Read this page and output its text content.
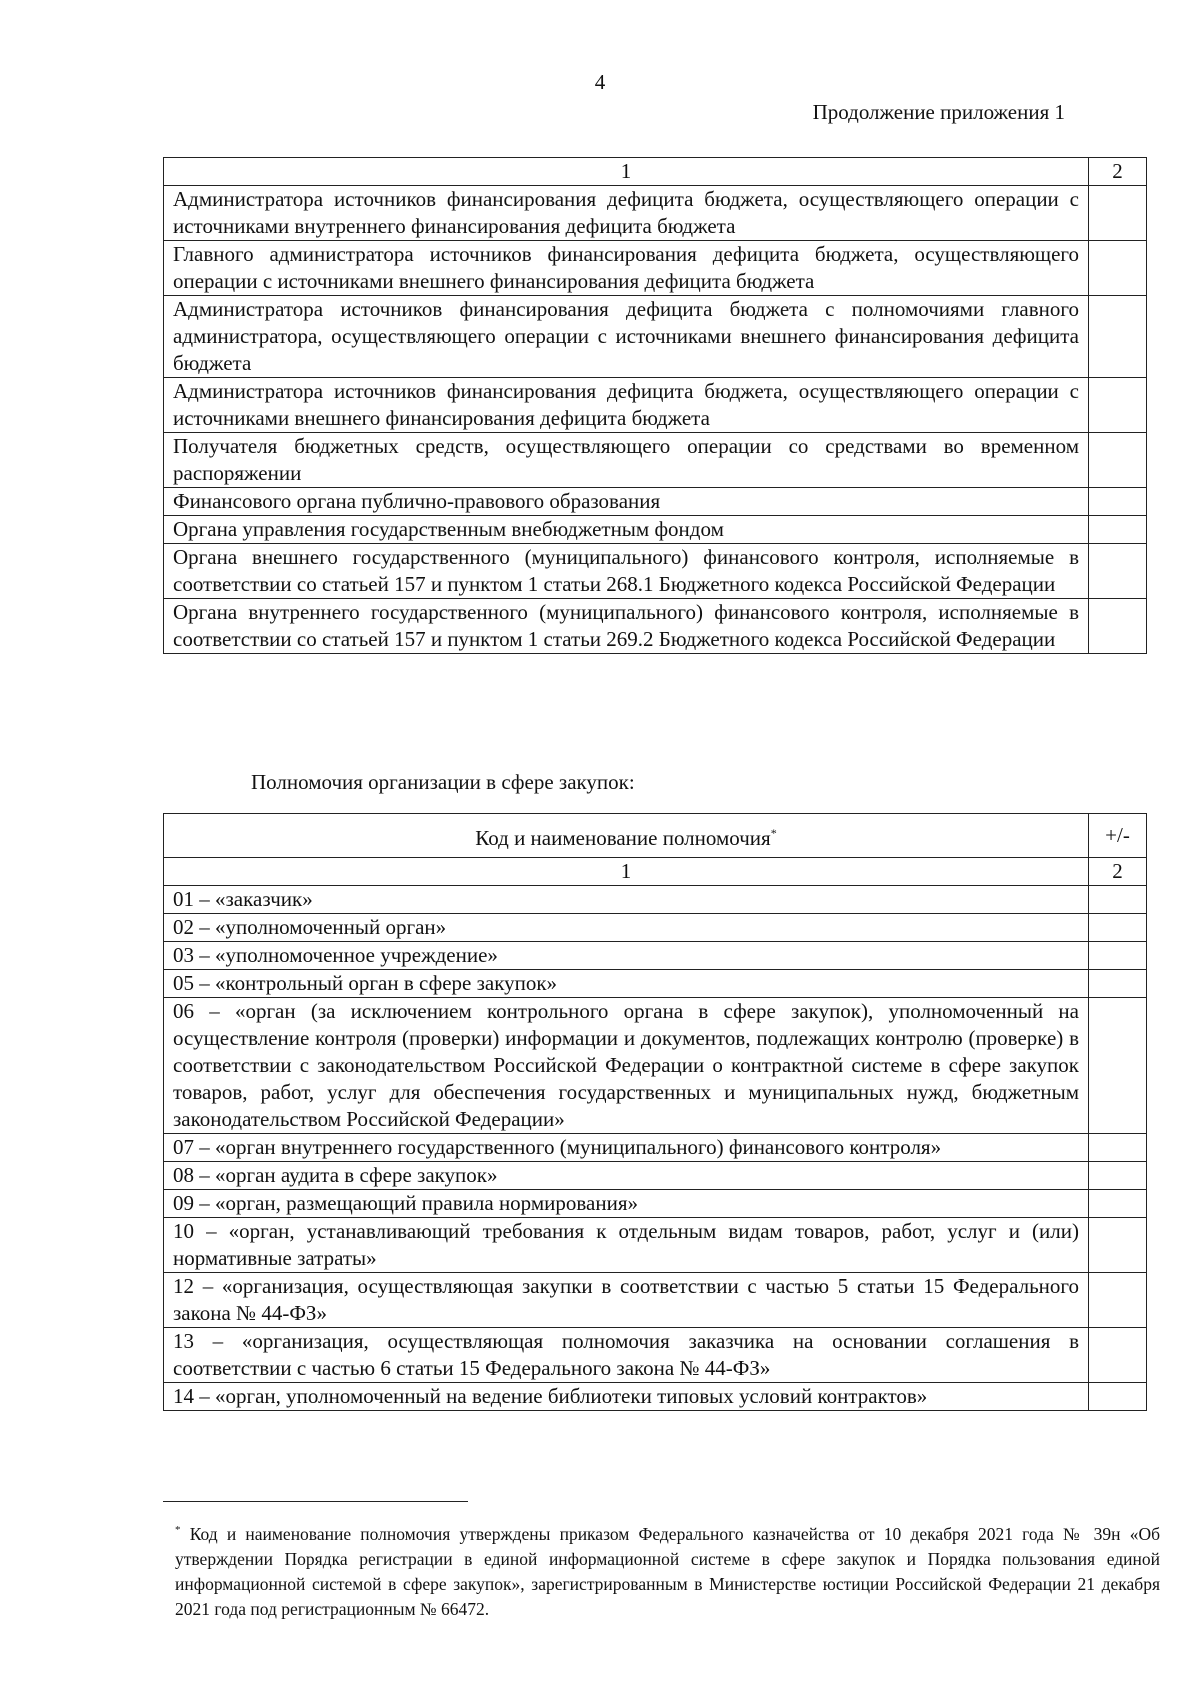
4
Продолжение приложения 1
1	2
Администратора источников финансирования дефицита бюджета, осуществляющего операции с источниками внутреннего финансирования дефицита бюджета	
Главного администратора источников финансирования дефицита бюджета, осуществляющего операции с источниками внешнего финансирования дефицита бюджета	
Администратора источников финансирования дефицита бюджета с полномочиями главного администратора, осуществляющего операции с источниками внешнего финансирования дефицита бюджета	
Администратора источников финансирования дефицита бюджета, осуществляющего операции с источниками внешнего финансирования дефицита бюджета	
Получателя бюджетных средств, осуществляющего операции со средствами во временном распоряжении	
Финансового органа публично-правового образования	
Органа управления государственным внебюджетным фондом	
Органа внешнего государственного (муниципального) финансового контроля, исполняемые в соответствии со статьей 157 и пунктом 1 статьи 268.1 Бюджетного кодекса Российской Федерации	
Органа внутреннего государственного (муниципального) финансового контроля, исполняемые в соответствии со статьей 157 и пунктом 1 статьи 269.2 Бюджетного кодекса Российской Федерации	
Полномочия организации в сфере закупок:
Код и наименование полномочия*	+/-
1	2
01 – «заказчик»	
02 – «уполномоченный орган»	
03 – «уполномоченное учреждение»	
05 – «контрольный орган в сфере закупок»	
06 – «орган (за исключением контрольного органа в сфере закупок), уполномоченный на осуществление контроля (проверки) информации и документов, подлежащих контролю (проверке) в соответствии с законодательством Российской Федерации о контрактной системе в сфере закупок товаров, работ, услуг для обеспечения государственных и муниципальных нужд, бюджетным законодательством Российской Федерации»	
07 – «орган внутреннего государственного (муниципального) финансового контроля»	
08 – «орган аудита в сфере закупок»	
09 – «орган, размещающий правила нормирования»	
10 – «орган, устанавливающий требования к отдельным видам товаров, работ, услуг и (или) нормативные затраты»	
12 – «организация, осуществляющая закупки в соответствии с частью 5 статьи 15 Федерального закона № 44-ФЗ»	
13 – «организация, осуществляющая полномочия заказчика на основании соглашения в соответствии с частью 6 статьи 15 Федерального закона № 44-ФЗ»	
14 – «орган, уполномоченный на ведение библиотеки типовых условий контрактов»	
* Код и наименование полномочия утверждены приказом Федерального казначейства от 10 декабря 2021 года № 39н «Об утверждении Порядка регистрации в единой информационной системе в сфере закупок и Порядка пользования единой информационной системой в сфере закупок», зарегистрированным в Министерстве юстиции Российской Федерации 21 декабря 2021 года под регистрационным № 66472.
